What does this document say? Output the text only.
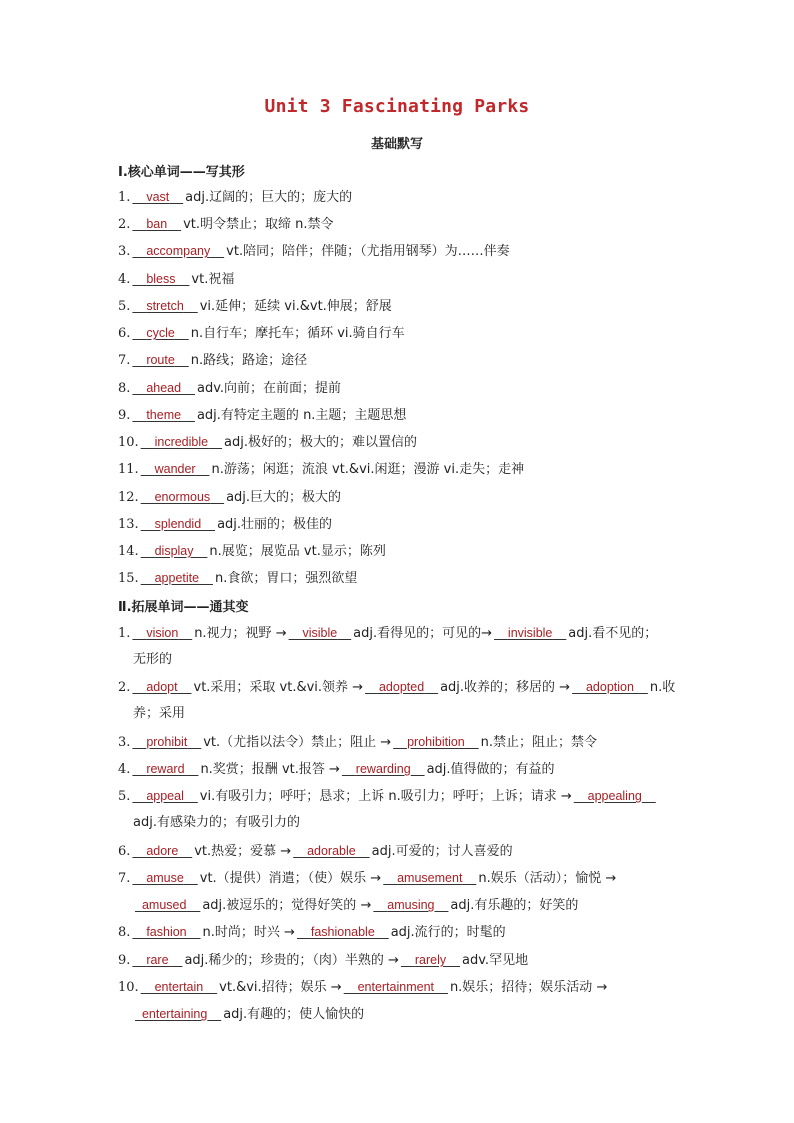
Unit 3 Fascinating Parks
基础默写
Ⅰ.核心单词——写其形
1. vast adj.辽阔的；巨大的；庞大的
2. ban vt.明令禁止；取缔 n.禁令
3. accompany vt.陪同；陪伴；伴随；（尤指用钢琴）为……伴奏
4. bless vt.祝福
5. stretch vi.延伸；延续 vi.&vt.伸展；舒展
6. cycle n.自行车；摩托车；循环 vi.骑自行车
7. route n.路线；路途；途径
8. ahead adv.向前；在前面；提前
9. theme adj.有特定主题的 n.主题；主题思想
10. incredible adj.极好的；极大的；难以置信的
11. wander n.游荡；闲逛；流浪 vt.&vi.闲逛；漫游 vi.走失；走神
12. enormous adj.巨大的；极大的
13. splendid adj.壮丽的；极佳的
14. display n.展览；展览品 vt.显示；陈列
15. appetite n.食欲；胃口；强烈欲望
Ⅱ.拓展单词——通其变
1. vision n.视力；视野 → visible adj.看得见的；可见的→ invisible adj.看不见的；
无形的
2. adopt vt.采用；采取 vt.&vi.领养 → adopted adj.收养的；移居的 → adoption n.收
养；采用
3. prohibit vt.（尤指以法令）禁止；阻止 → prohibition n.禁止；阻止；禁令
4. reward n.奖赏；报酬 vt.报答 → rewarding adj.值得做的；有益的
5. appeal vi.有吸引力；呼吁；恳求；上诉 n.吸引力；呼吁；上诉；请求 → appealing
adj.有感染力的；有吸引力的
6. adore vt.热爱；爱慕 → adorable adj.可爱的；讨人喜爱的
7. amuse vt.（提供）消遣；（使）娱乐 → amusement n.娱乐（活动）；愉悦 →
amused adj.被逗乐的；觉得好笑的 → amusing adj.有乐趣的；好笑的
8. fashion n.时尚；时兴 → fashionable adj.流行的；时髦的
9. rare adj.稀少的；珍贵的；（肉）半熟的 → rarely adv.罕见地
10. entertain vt.&vi.招待；娱乐 → entertainment n.娱乐；招待；娱乐活动 →
entertaining adj.有趣的；使人愉快的
